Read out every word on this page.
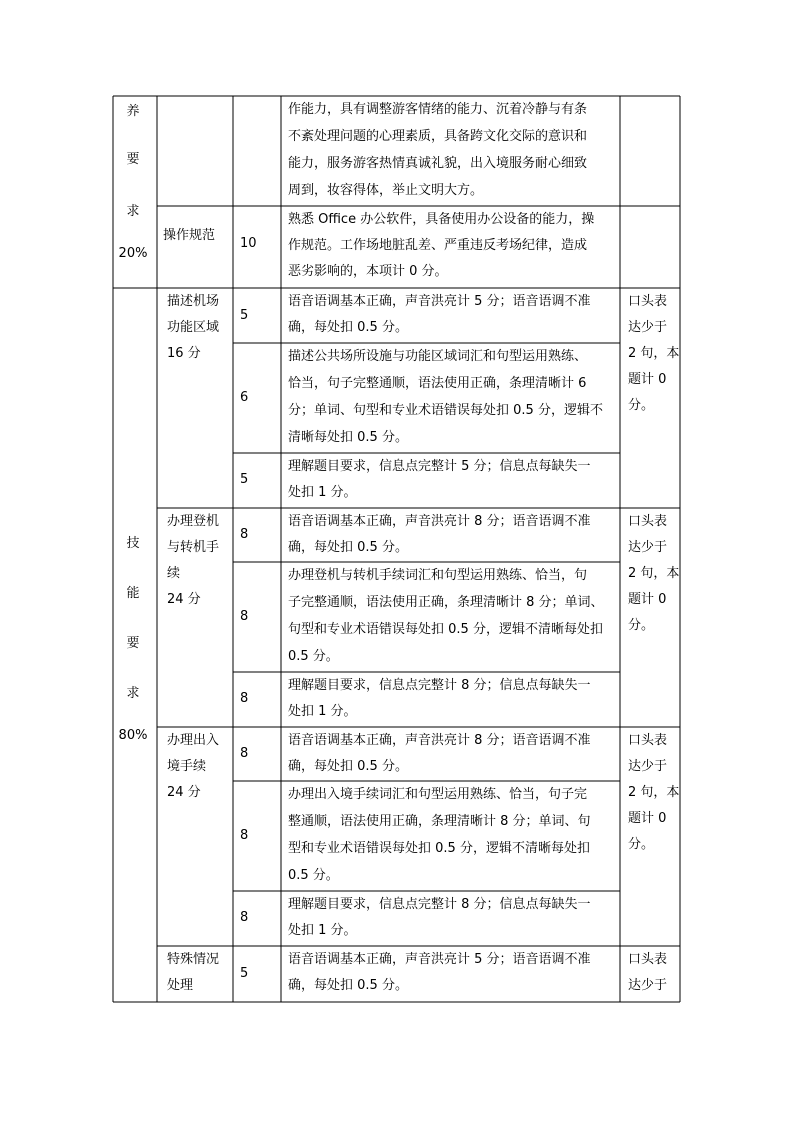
养
要
求
20%
作能力，具有调整游客情绪的能力、沉着冷静与有条
不紊处理问题的心理素质，具备跨文化交际的意识和
能力，服务游客热情真诚礼貌，出入境服务耐心细致
周到，妆容得体，举止文明大方。
操作规范
10
熟悉 Office 办公软件，具备使用办公设备的能力，操
作规范。工作场地脏乱差、严重违反考场纪律，造成
恶劣影响的，本项计 0 分。
技
能
要
求
80%
描述机场
功能区域
16 分
5
语音语调基本正确，声音洪亮计 5 分；语音语调不准
确，每处扣 0.5 分。
6
描述公共场所设施与功能区域词汇和句型运用熟练、
恰当，句子完整通顺，语法使用正确，条理清晰计 6
分；单词、句型和专业术语错误每处扣 0.5 分，逻辑不
清晰每处扣 0.5 分。
5
理解题目要求，信息点完整计 5 分；信息点每缺失一
处扣 1 分。
口头表
达少于
2 句，本
题计 0
分。
办理登机
与转机手
续
24 分
8
语音语调基本正确，声音洪亮计 8 分；语音语调不准
确，每处扣 0.5 分。
8
办理登机与转机手续词汇和句型运用熟练、恰当，句
子完整通顺，语法使用正确，条理清晰计 8 分；单词、
句型和专业术语错误每处扣 0.5 分，逻辑不清晰每处扣
0.5 分。
8
理解题目要求，信息点完整计 8 分；信息点每缺失一
处扣 1 分。
口头表
达少于
2 句，本
题计 0
分。
办理出入
境手续
24 分
8
语音语调基本正确，声音洪亮计 8 分；语音语调不准
确，每处扣 0.5 分。
8
办理出入境手续词汇和句型运用熟练、恰当，句子完
整通顺，语法使用正确，条理清晰计 8 分；单词、句
型和专业术语错误每处扣 0.5 分，逻辑不清晰每处扣
0.5 分。
8
理解题目要求，信息点完整计 8 分；信息点每缺失一
处扣 1 分。
口头表
达少于
2 句，本
题计 0
分。
特殊情况
处理
5
语音语调基本正确，声音洪亮计 5 分；语音语调不准
确，每处扣 0.5 分。
口头表
达少于
